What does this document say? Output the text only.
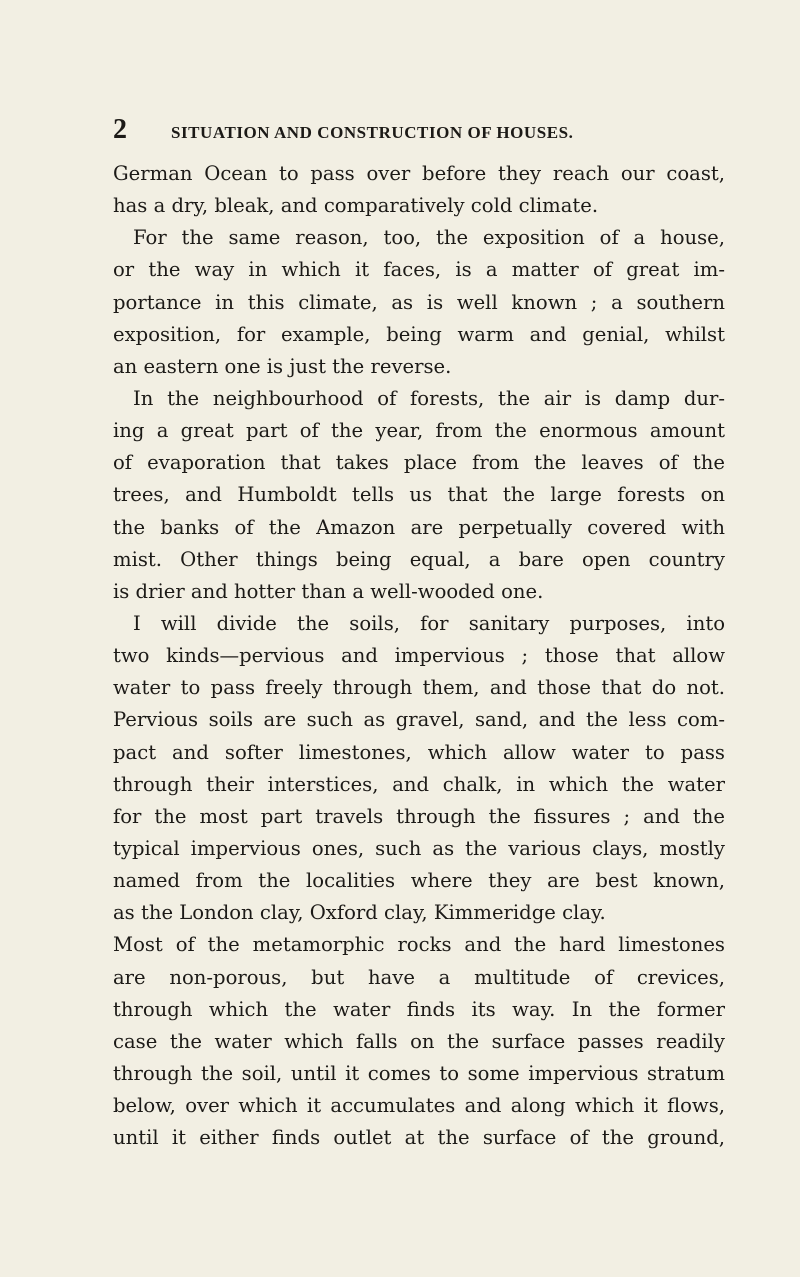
2	SITUATION AND CONSTRUCTION OF HOUSES.
German Ocean to pass over before they reach our coast,
has a dry, bleak, and comparatively cold climate.
For the same reason, too, the exposition of a house,
or the way in which it faces, is a matter of great im-
portance in this climate, as is well known ; a southern
exposition, for example, being warm and genial, whilst
an eastern one is just the reverse.
In the neighbourhood of forests, the air is damp dur-
ing a great part of the year, from the enormous amount
of evaporation that takes place from the leaves of the
trees, and Humboldt tells us that the large forests on
the banks of the Amazon are perpetually covered with
mist. Other things being equal, a bare open country
is drier and hotter than a well-wooded one.
I will divide the soils, for sanitary purposes, into
two kinds—pervious and impervious ; those that allow
water to pass freely through them, and those that do not.
Pervious soils are such as gravel, sand, and the less com-
pact and softer limestones, which allow water to pass
through their interstices, and chalk, in which the water
for the most part travels through the fissures ; and the
typical impervious ones, such as the various clays, mostly
named from the localities where they are best known,
as the London clay, Oxford clay, Kimmeridge clay.
Most of the metamorphic rocks and the hard limestones
are non-porous, but have a multitude of crevices,
through which the water finds its way. In the former
case the water which falls on the surface passes readily
through the soil, until it comes to some impervious stratum
below, over which it accumulates and along which it flows,
until it either finds outlet at the surface of the ground,
